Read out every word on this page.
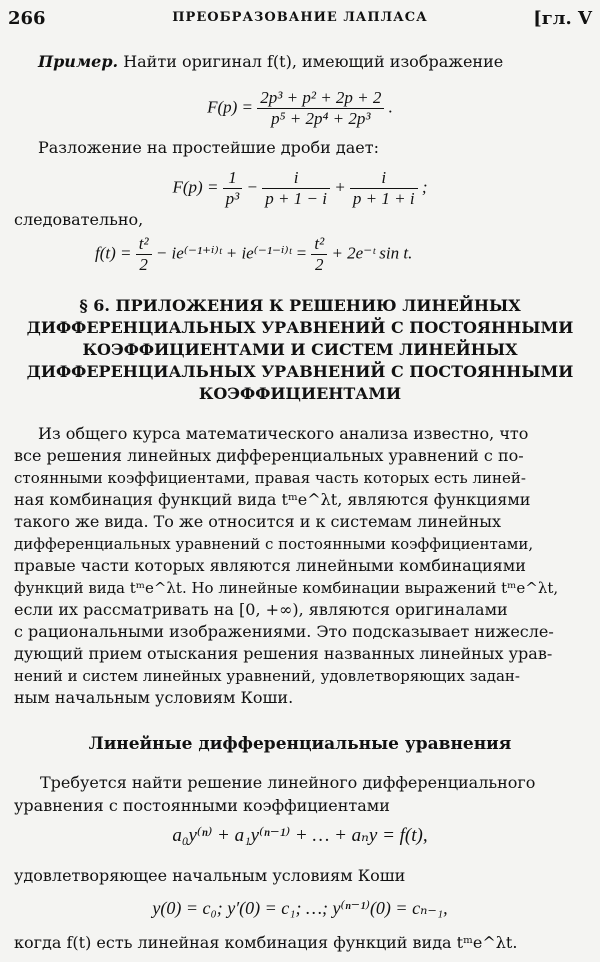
266	ПРЕОБРАЗОВАНИЕ ЛАПЛАСА	[гл. V
Пример. Найти оригинал f(t), имеющий изображение
$F(p) = \frac{\text{2p³ + p² + 2p + 2}}{\text{p⁵ + 2p⁴ + 2p³}}$ .
Разложение на простейшие дроби дает:
$F(p) = \frac{1}{\text{p³}} - \frac{i}{p + 1 - i} + \frac{i}{p + 1 + i}$ ;
следовательно,
$f(t) = \frac{\text{t²}}{2}$ − ie⁽⁻¹⁺ⁱ⁾ᵗ + ie⁽⁻¹⁻ⁱ⁾ᵗ = $\frac{\text{t²}}{2}$ + 2e⁻ᵗ sin t.
§ 6. ПРИЛОЖЕНИЯ К РЕШЕНИЮ ЛИНЕЙНЫХ
ДИФФЕРЕНЦИАЛЬНЫХ УРАВНЕНИЙ С ПОСТОЯННЫМИ
КОЭФФИЦИЕНТАМИ И СИСТЕМ ЛИНЕЙНЫХ
ДИФФЕРЕНЦИАЛЬНЫХ УРАВНЕНИЙ С ПОСТОЯННЫМИ
КОЭФФИЦИЕНТАМИ
Из общего курса математического анализа известно, что
все решения линейных дифференциальных уравнений с по-
стоянными коэффициентами, правая часть которых есть линей-
ная комбинация функций вида tᵐe^λt, являются функциями
такого же вида. То же относится и к системам линейных
дифференциальных уравнений с постоянными коэффициентами,
правые части которых являются линейными комбинациями
функций вида tᵐe^λt. Но линейные комбинации выражений tᵐe^λt,
если их рассматривать на [0, +∞), являются оригиналами
с рациональными изображениями. Это подсказывает нижесле-
дующий прием отыскания решения названных линейных урав-
нений и систем линейных уравнений, удовлетворяющих задан-
ным начальным условиям Коши.
Линейные дифференциальные уравнения
Требуется найти решение линейного дифференциального
уравнения с постоянными коэффициентами
a₀y⁽ⁿ⁾ + a₁y⁽ⁿ⁻¹⁾ + … + aₙy = f(t),
удовлетворяющее начальным условиям Коши
y(0) = c₀; y′(0) = c₁; …; y⁽ⁿ⁻¹⁾(0) = cₙ₋₁,
когда f(t) есть линейная комбинация функций вида tᵐe^λt.
